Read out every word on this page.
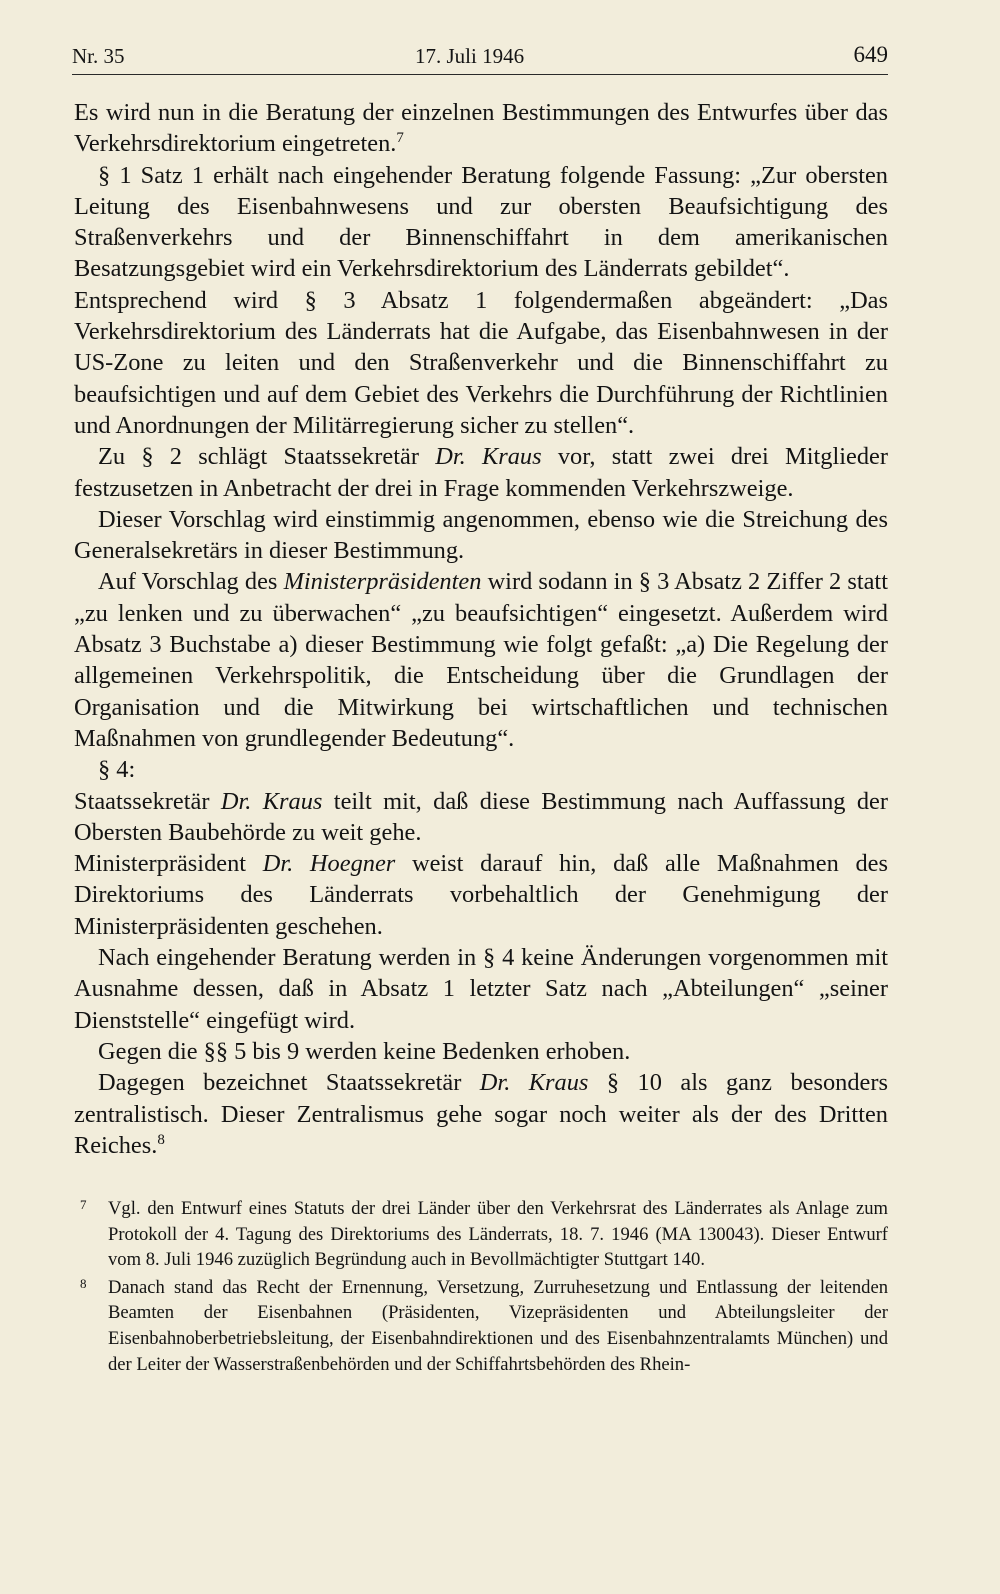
Nr. 35	17. Juli 1946	649

Es wird nun in die Beratung der einzelnen Bestimmungen des Entwurfes über das Verkehrsdirektorium eingetreten.$^7$

§ 1 Satz 1 erhält nach eingehender Beratung folgende Fassung: „Zur obersten Leitung des Eisenbahnwesens und zur obersten Beaufsichtigung des Straßenverkehrs und der Binnenschiffahrt in dem amerikanischen Besatzungsgebiet wird ein Verkehrsdirektorium des Länderrats gebildet“.

Entsprechend wird § 3 Absatz 1 folgendermaßen abgeändert: „Das Verkehrsdirektorium des Länderrats hat die Aufgabe, das Eisenbahnwesen in der US-Zone zu leiten und den Straßenverkehr und die Binnenschiffahrt zu beaufsichtigen und auf dem Gebiet des Verkehrs die Durchführung der Richtlinien und Anordnungen der Militärregierung sicher zu stellen“.

Zu § 2 schlägt Staatssekretär Dr. Kraus vor, statt zwei drei Mitglieder festzusetzen in Anbetracht der drei in Frage kommenden Verkehrszweige.

Dieser Vorschlag wird einstimmig angenommen, ebenso wie die Streichung des Generalsekretärs in dieser Bestimmung.

Auf Vorschlag des Ministerpräsidenten wird sodann in § 3 Absatz 2 Ziffer 2 statt „zu lenken und zu überwachen“ „zu beaufsichtigen“ eingesetzt. Außerdem wird Absatz 3 Buchstabe a) dieser Bestimmung wie folgt gefaßt: „a) Die Regelung der allgemeinen Verkehrspolitik, die Entscheidung über die Grundlagen der Organisation und die Mitwirkung bei wirtschaftlichen und technischen Maßnahmen von grundlegender Bedeutung“.

§ 4:

Staatssekretär Dr. Kraus teilt mit, daß diese Bestimmung nach Auffassung der Obersten Baubehörde zu weit gehe.

Ministerpräsident Dr. Hoegner weist darauf hin, daß alle Maßnahmen des Direktoriums des Länderrats vorbehaltlich der Genehmigung der Ministerpräsidenten geschehen.

Nach eingehender Beratung werden in § 4 keine Änderungen vorgenommen mit Ausnahme dessen, daß in Absatz 1 letzter Satz nach „Abteilungen“ „seiner Dienststelle“ eingefügt wird.

Gegen die §§ 5 bis 9 werden keine Bedenken erhoben.

Dagegen bezeichnet Staatssekretär Dr. Kraus § 10 als ganz besonders zentralistisch. Dieser Zentralismus gehe sogar noch weiter als der des Dritten Reiches.$^8$

7 Vgl. den Entwurf eines Statuts der drei Länder über den Verkehrsrat des Länderrates als Anlage zum Protokoll der 4. Tagung des Direktoriums des Länderrats, 18. 7. 1946 (MA 130043). Dieser Entwurf vom 8. Juli 1946 zuzüglich Begründung auch in Bevollmächtigter Stuttgart 140.

8 Danach stand das Recht der Ernennung, Versetzung, Zurruhesetzung und Entlassung der leitenden Beamten der Eisenbahnen (Präsidenten, Vizepräsidenten und Abteilungsleiter der Eisenbahnoberbetriebsleitung, der Eisenbahndirektionen und des Eisenbahnzentralamts München) und der Leiter der Wasserstraßenbehörden und der Schiffahrtsbehörden des Rhein-
